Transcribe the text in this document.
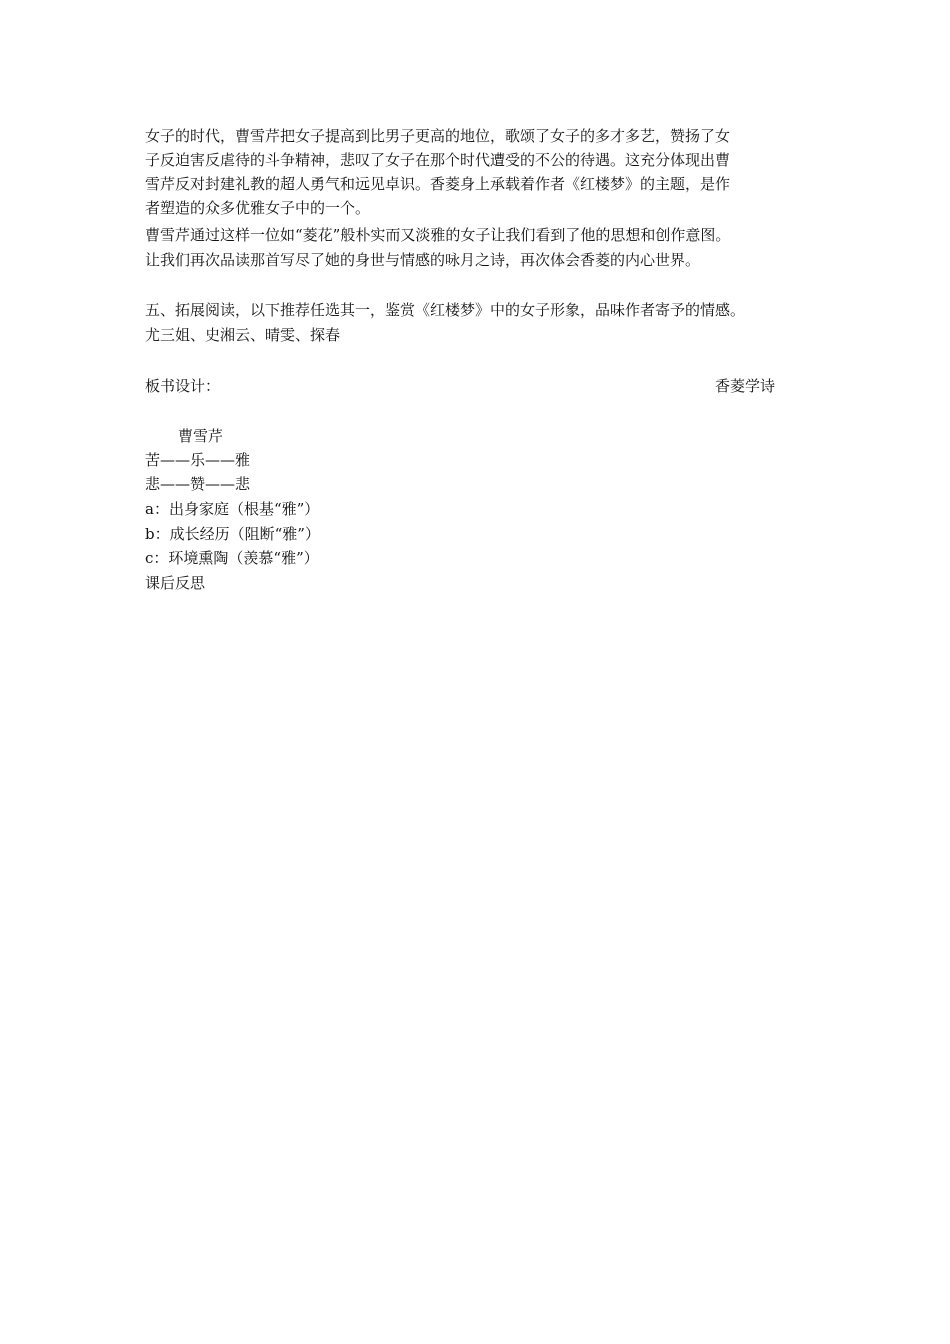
女子的时代，曹雪芹把女子提高到比男子更高的地位，歌颂了女子的多才多艺，赞扬了女
子反迫害反虐待的斗争精神，悲叹了女子在那个时代遭受的不公的待遇。这充分体现出曹
雪芹反对封建礼教的超人勇气和远见卓识。香菱身上承载着作者《红楼梦》的主题，是作
者塑造的众多优雅女子中的一个。
曹雪芹通过这样一位如“菱花”般朴实而又淡雅的女子让我们看到了他的思想和创作意图。
让我们再次品读那首写尽了她的身世与情感的咏月之诗，再次体会香菱的内心世界。
五、拓展阅读，以下推荐任选其一，鉴赏《红楼梦》中的女子形象，品味作者寄予的情感。
尤三姐、史湘云、晴雯、探春
板书设计：	香菱学诗
曹雪芹
苦——乐——雅
悲——赞——悲
a：出身家庭（根基“雅”）
b：成长经历（阻断“雅”）
c：环境熏陶（羡慕“雅”）
课后反思
